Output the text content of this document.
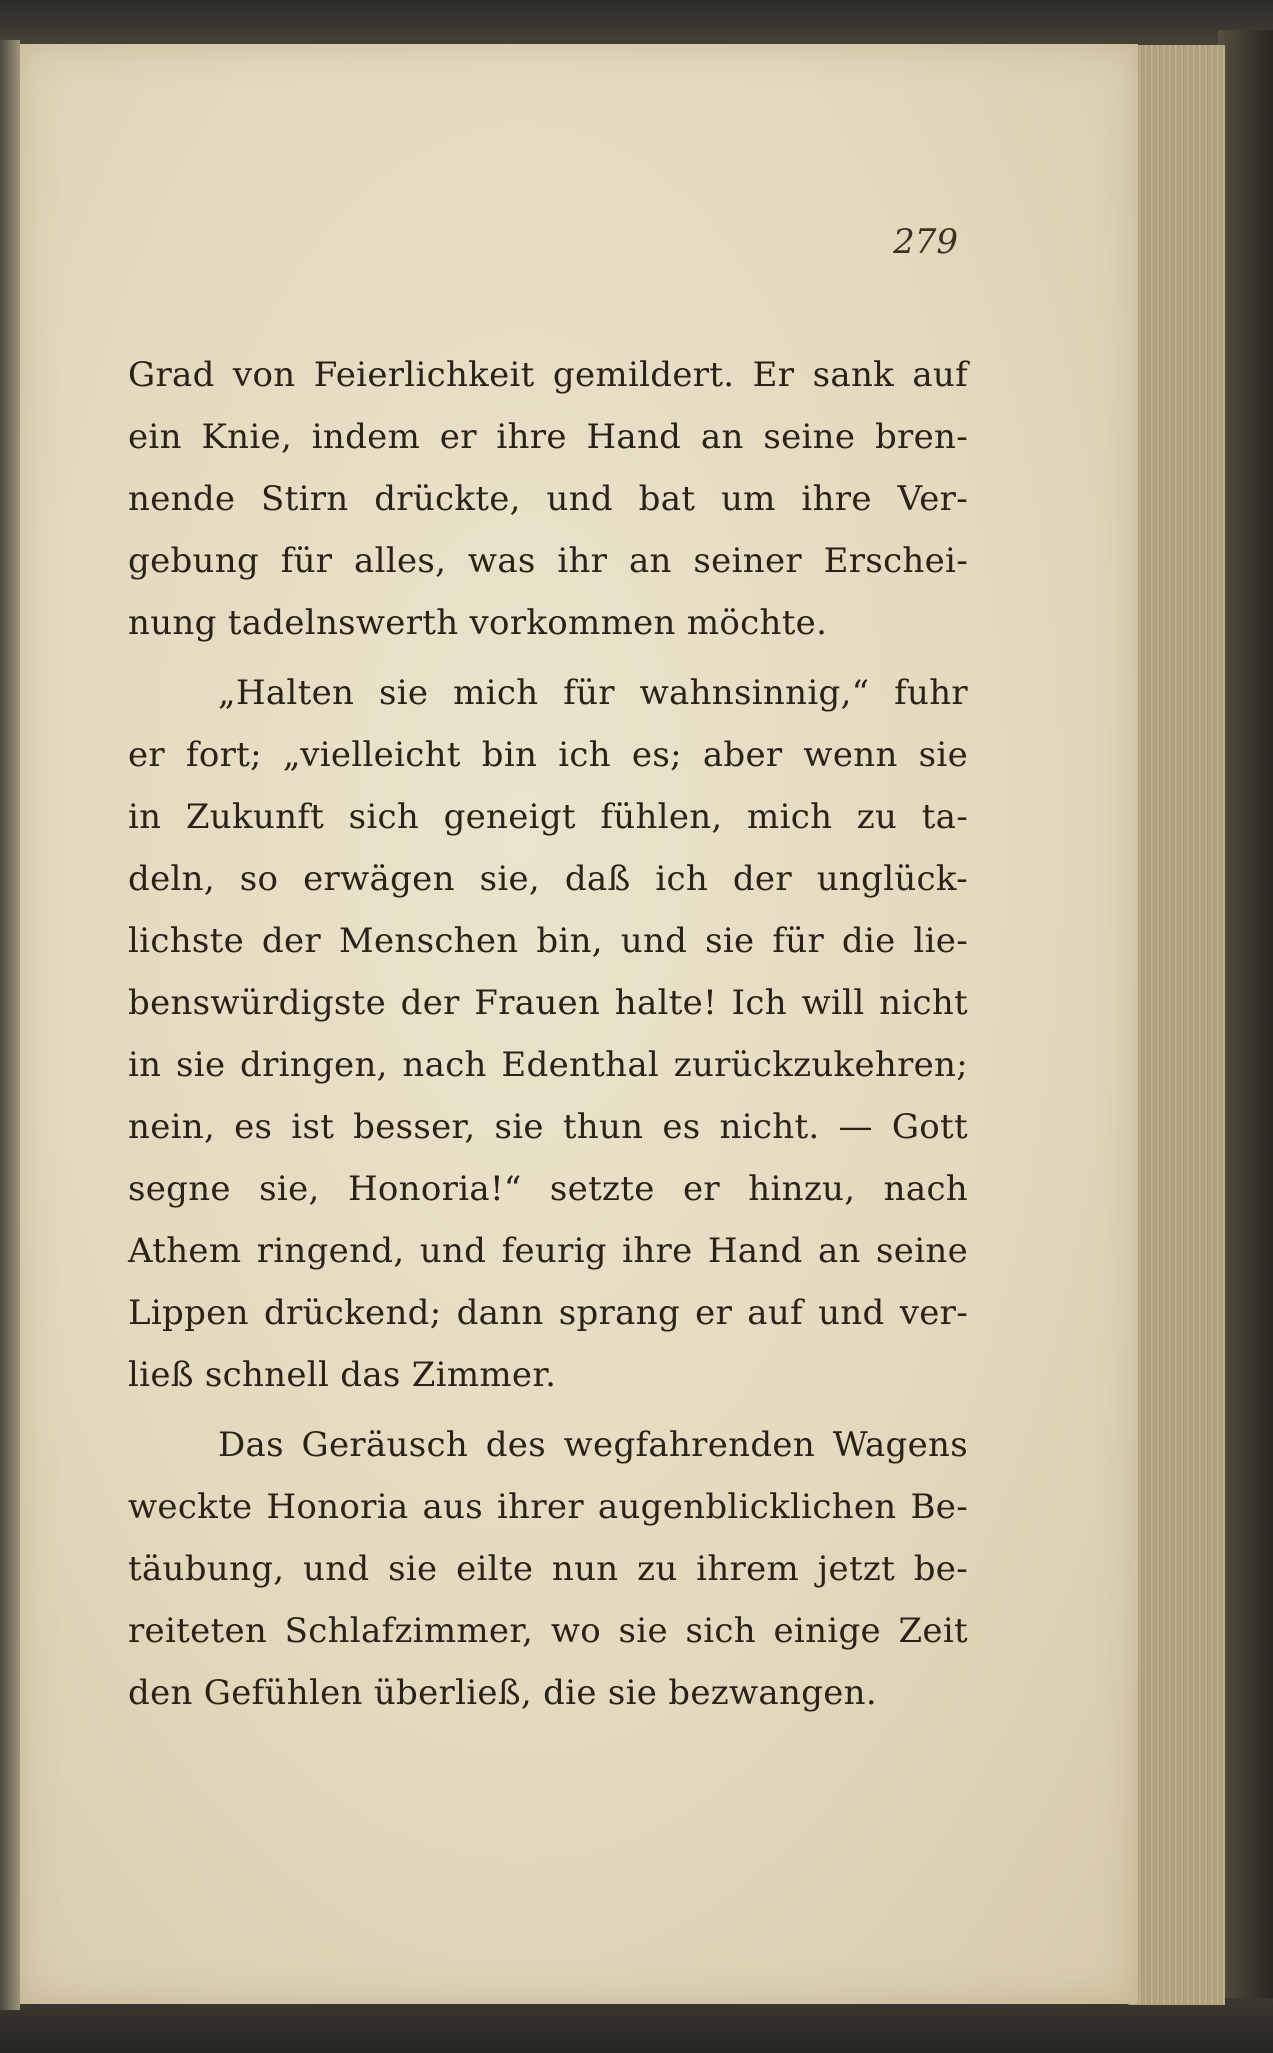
279
Grad von Feierlichkeit gemildert. Er sank auf
ein Knie, indem er ihre Hand an seine bren-
nende Stirn drückte, und bat um ihre Ver-
gebung für alles, was ihr an seiner Erschei-
nung tadelnswerth vorkommen möchte.
„Halten sie mich für wahnsinnig,“ fuhr
er fort; „vielleicht bin ich es; aber wenn sie
in Zukunft sich geneigt fühlen, mich zu ta-
deln, so erwägen sie, daß ich der unglück-
lichste der Menschen bin, und sie für die lie-
benswürdigste der Frauen halte! Ich will nicht
in sie dringen, nach Edenthal zurückzukehren;
nein, es ist besser, sie thun es nicht. — Gott
segne sie, Honoria!“ setzte er hinzu, nach
Athem ringend, und feurig ihre Hand an seine
Lippen drückend; dann sprang er auf und ver-
ließ schnell das Zimmer.
Das Geräusch des wegfahrenden Wagens
weckte Honoria aus ihrer augenblicklichen Be-
täubung, und sie eilte nun zu ihrem jetzt be-
reiteten Schlafzimmer, wo sie sich einige Zeit
den Gefühlen überließ, die sie bezwangen.
